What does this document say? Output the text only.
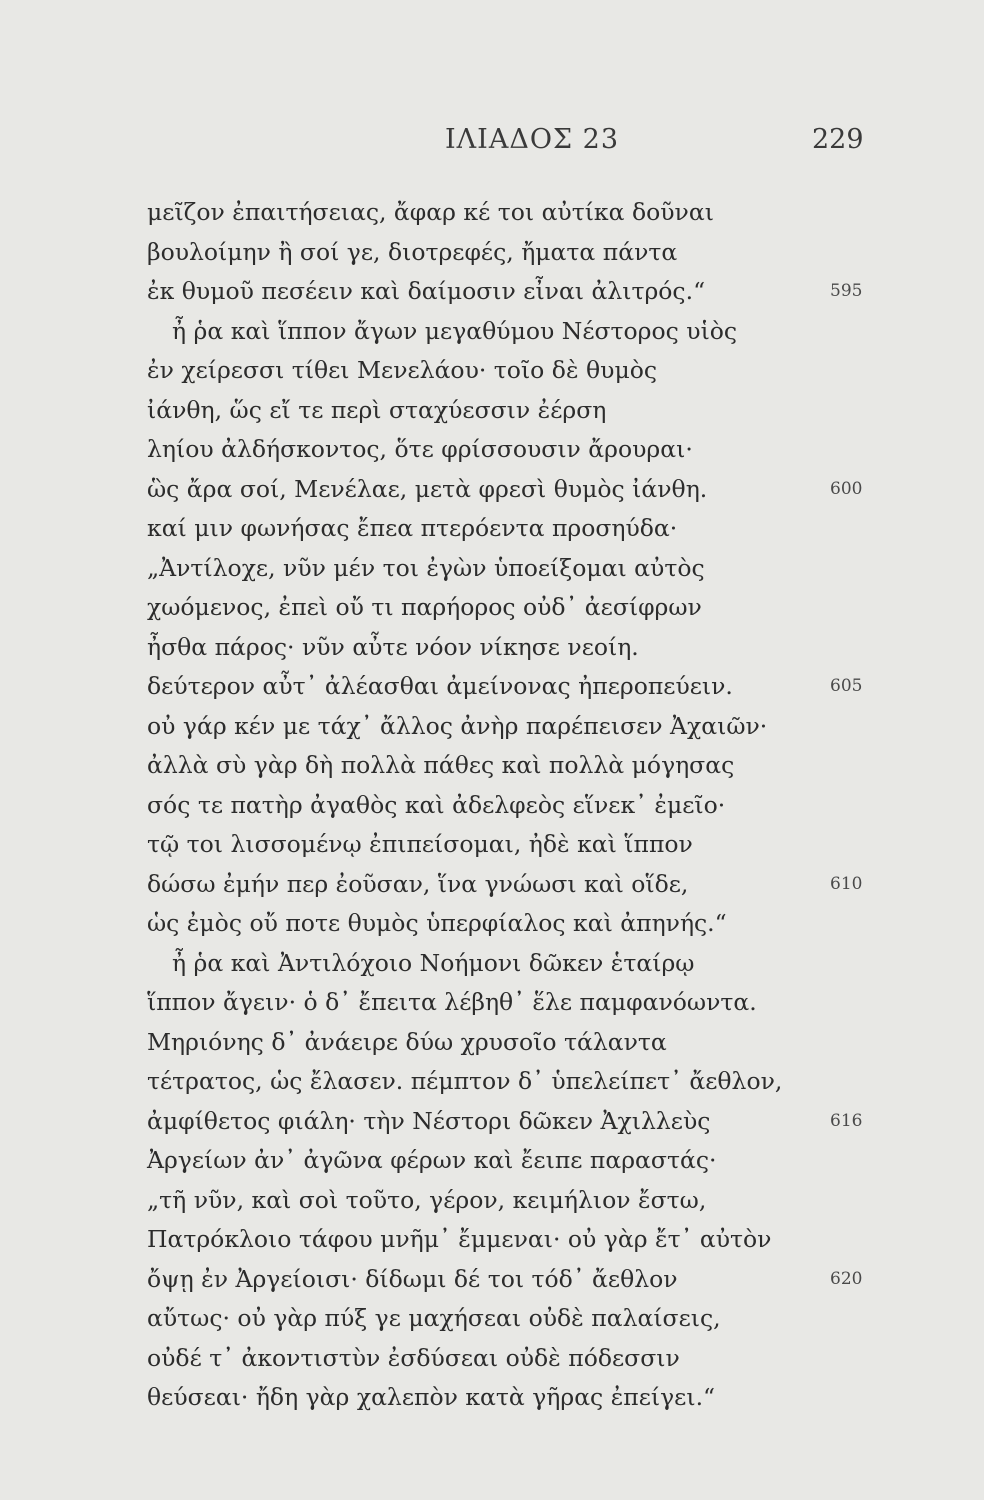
ΙΛΙΑΔΟΣ 23	229
μεῖζον ἐπαιτήσειας, ἄφαρ κέ τοι αὐτίκα δοῦναι
βουλοίμην ἢ σοί γε, διοτρεφές, ἤματα πάντα
ἐκ θυμοῦ πεσέειν καὶ δαίμοσιν εἶναι ἀλιτρός.“	595
ἦ ῥα καὶ ἵππον ἄγων μεγαθύμου Νέστορος υἱὸς
ἐν χείρεσσι τίθει Μενελάου· τοῖο δὲ θυμὸς
ἰάνθη, ὥς εἴ τε περὶ σταχύεσσιν ἐέρση
ληίου ἀλδήσκοντος, ὅτε φρίσσουσιν ἄρουραι·
ὣς ἄρα σοί, Μενέλαε, μετὰ φρεσὶ θυμὸς ἰάνθη.	600
καί μιν φωνήσας ἔπεα πτερόεντα προσηύδα·
„Ἀντίλοχε, νῦν μέν τοι ἐγὼν ὑποείξομαι αὐτὸς
χωόμενος, ἐπεὶ οὔ τι παρήορος οὐδ᾽ ἀεσίφρων
ἦσθα πάρος· νῦν αὖτε νόον νίκησε νεοίη.
δεύτερον αὖτ᾽ ἀλέασθαι ἀμείνονας ἠπεροπεύειν.	605
οὐ γάρ κέν με τάχ᾽ ἄλλος ἀνὴρ παρέπεισεν Ἀχαιῶν·
ἀλλὰ σὺ γὰρ δὴ πολλὰ πάθες καὶ πολλὰ μόγησας
σός τε πατὴρ ἀγαθὸς καὶ ἀδελφεὸς εἵνεκ᾽ ἐμεῖο·
τῷ τοι λισσομένῳ ἐπιπείσομαι, ἠδὲ καὶ ἵππον
δώσω ἐμήν περ ἐοῦσαν, ἵνα γνώωσι καὶ οἵδε,	610
ὡς ἐμὸς οὔ ποτε θυμὸς ὑπερφίαλος καὶ ἀπηνής.“
ἦ ῥα καὶ Ἀντιλόχοιο Νοήμονι δῶκεν ἑταίρῳ
ἵππον ἄγειν· ὁ δ᾽ ἔπειτα λέβηθ᾽ ἕλε παμφανόωντα.
Μηριόνης δ᾽ ἀνάειρε δύω χρυσοῖο τάλαντα
τέτρατος, ὡς ἔλασεν. πέμπτον δ᾽ ὑπελείπετ᾽ ἄεθλον,
ἀμφίθετος φιάλη· τὴν Νέστορι δῶκεν Ἀχιλλεὺς	616
Ἀργείων ἀν᾽ ἀγῶνα φέρων καὶ ἔειπε παραστάς·
„τῆ νῦν, καὶ σοὶ τοῦτο, γέρον, κειμήλιον ἔστω,
Πατρόκλοιο τάφου μνῆμ᾽ ἔμμεναι· οὐ γὰρ ἔτ᾽ αὐτὸν
ὄψῃ ἐν Ἀργείοισι· δίδωμι δέ τοι τόδ᾽ ἄεθλον	620
αὔτως· οὐ γὰρ πύξ γε μαχήσεαι οὐδὲ παλαίσεις,
οὐδέ τ᾽ ἀκοντιστὺν ἐσδύσεαι οὐδὲ πόδεσσιν
θεύσεαι· ἤδη γὰρ χαλεπὸν κατὰ γῆρας ἐπείγει.“
